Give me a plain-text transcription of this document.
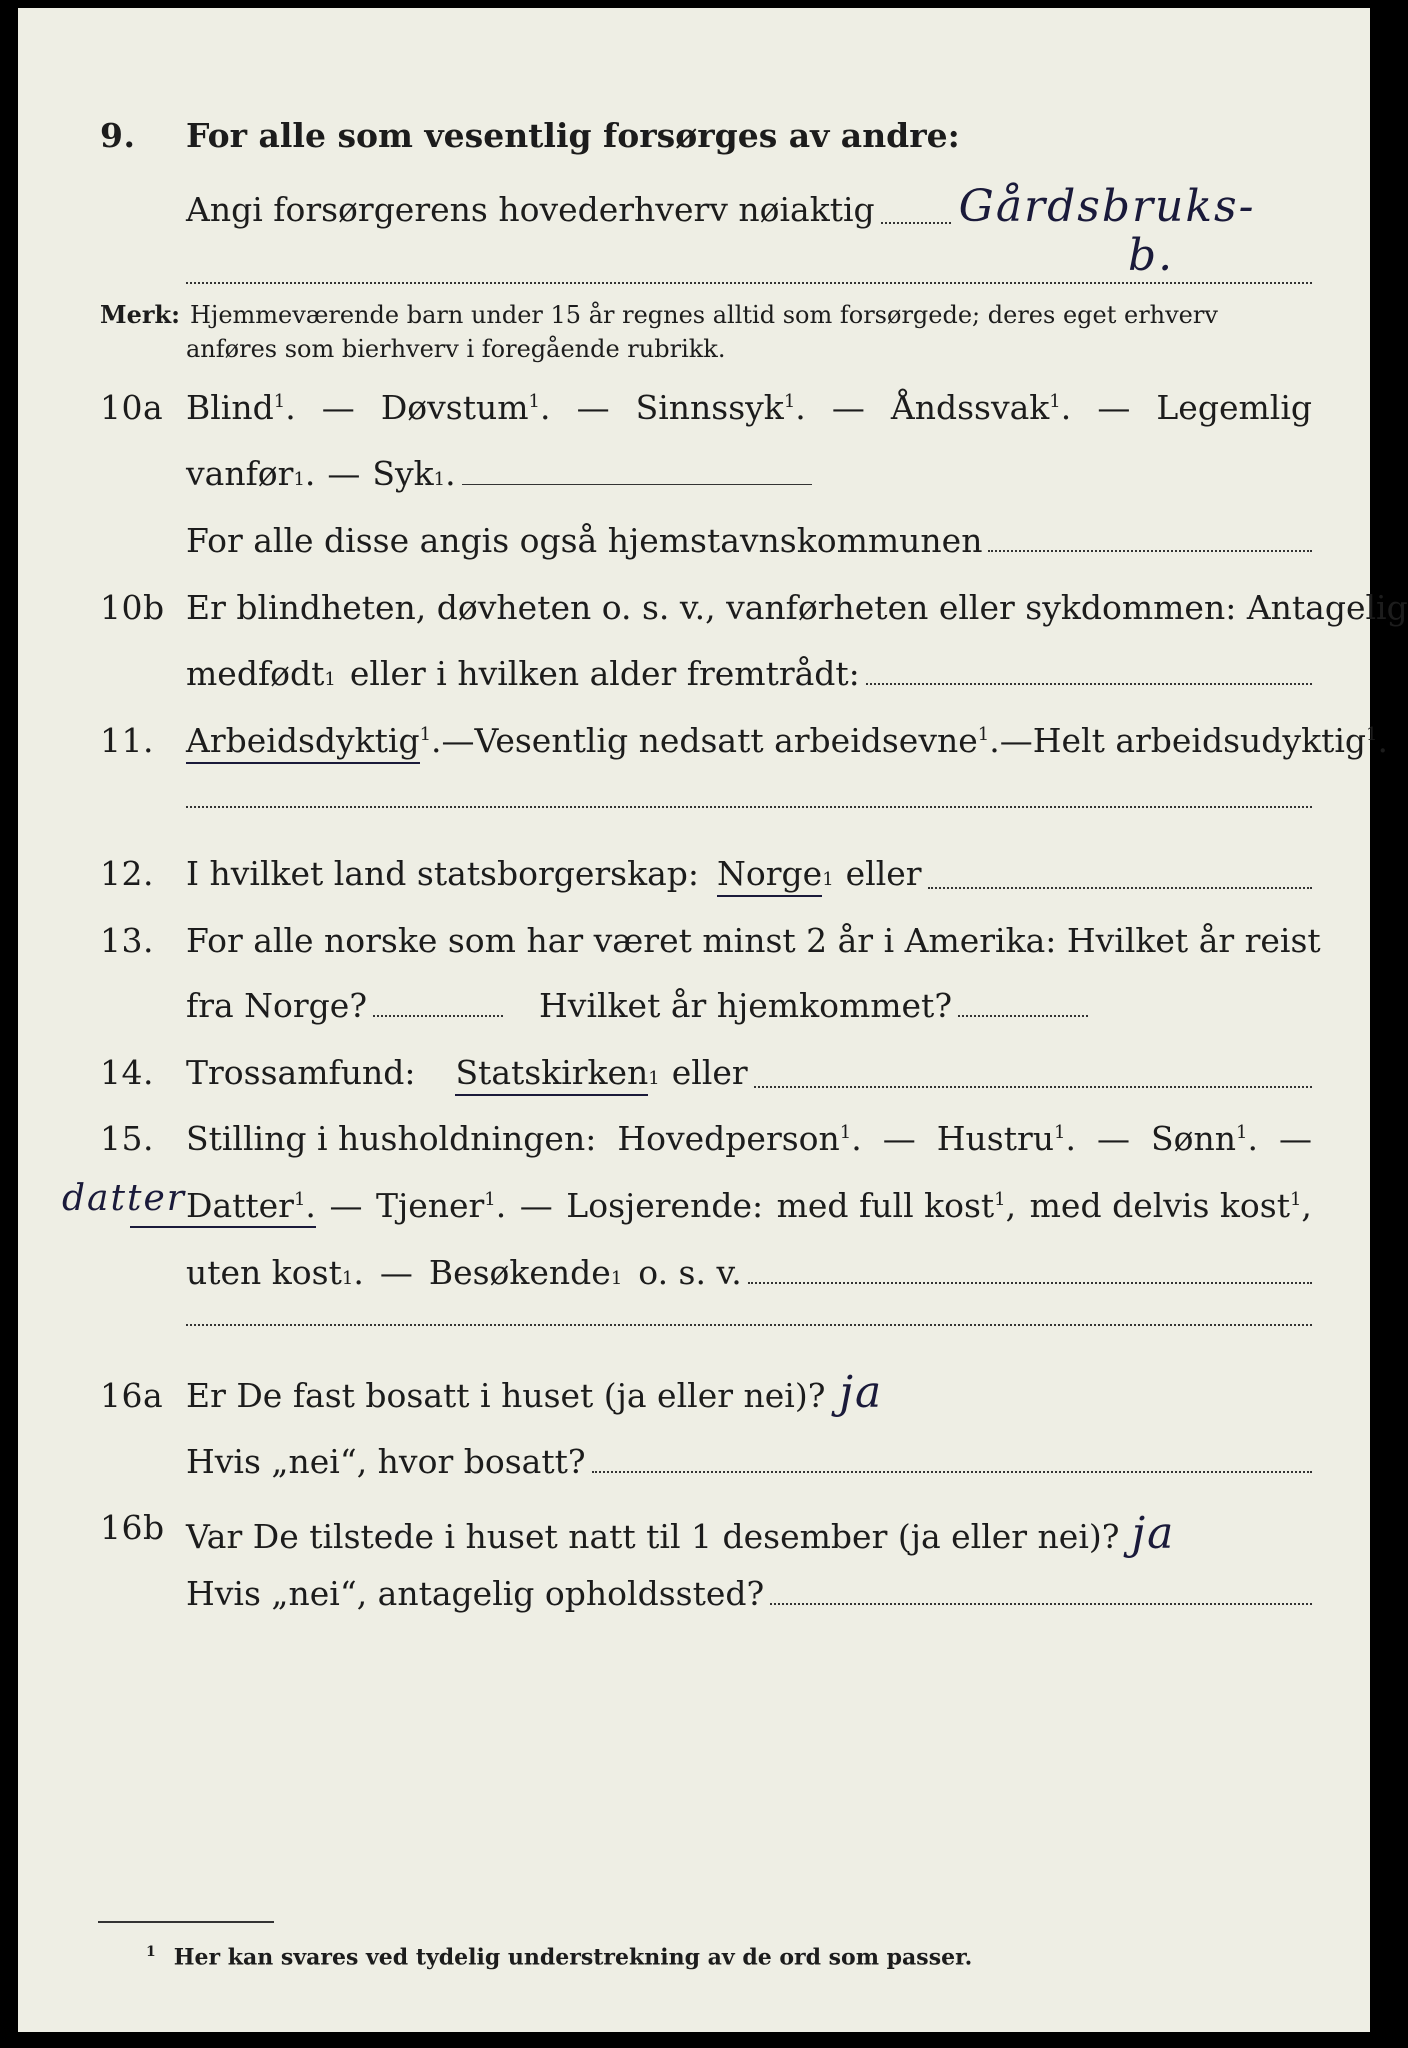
9. For alle som vesentlig forsørges av andre:
Angi forsørgerens hovederhverv nøiaktig Gårdsbruks-
b.
Merk: Hjemmeværende barn under 15 år regnes alltid som forsørgede; deres eget erhverv
anføres som bierhverv i foregående rubrikk.
10a Blind$^1$. — Døvstum$^1$. — Sinnssyk$^1$. — Åndssvak$^1$. — Legemlig
vanfør 1 . — Syk 1 .
For alle disse angis også hjemstavnskommunen
10b Er blindheten, døvheten o. s. v., vanførheten eller sykdommen: Antagelig
medfødt 1 eller i hvilken alder fremtrådt:
11. Arbeidsdyktig$^1$. — Vesentlig nedsatt arbeidsevne$^1$. — Helt arbeidsudyktig$^1$.
12. I hvilket land statsborgerskap: Norge 1 eller
13. For alle norske som har været minst 2 år i Amerika: Hvilket år reist
fra Norge?	Hvilket år hjemkommet?
14. Trossamfund: Statskirken 1 eller
15. Stilling i husholdningen: Hovedperson$^1$. — Hustru$^1$. — Sønn$^1$. —
datter Datter$^1$. — Tjener$^1$. — Losjerende: med full kost$^1$, med delvis kost$^1$,
uten kost 1 . — Besøkende 1 o. s. v.
16a Er De fast bosatt i huset (ja eller nei)? ja
Hvis „nei“, hvor bosatt?
16b Var De tilstede i huset natt til 1 desember (ja eller nei)? ja
Hvis „nei“, antagelig opholdssted?
$^1$ Her kan svares ved tydelig understrekning av de ord som passer.
